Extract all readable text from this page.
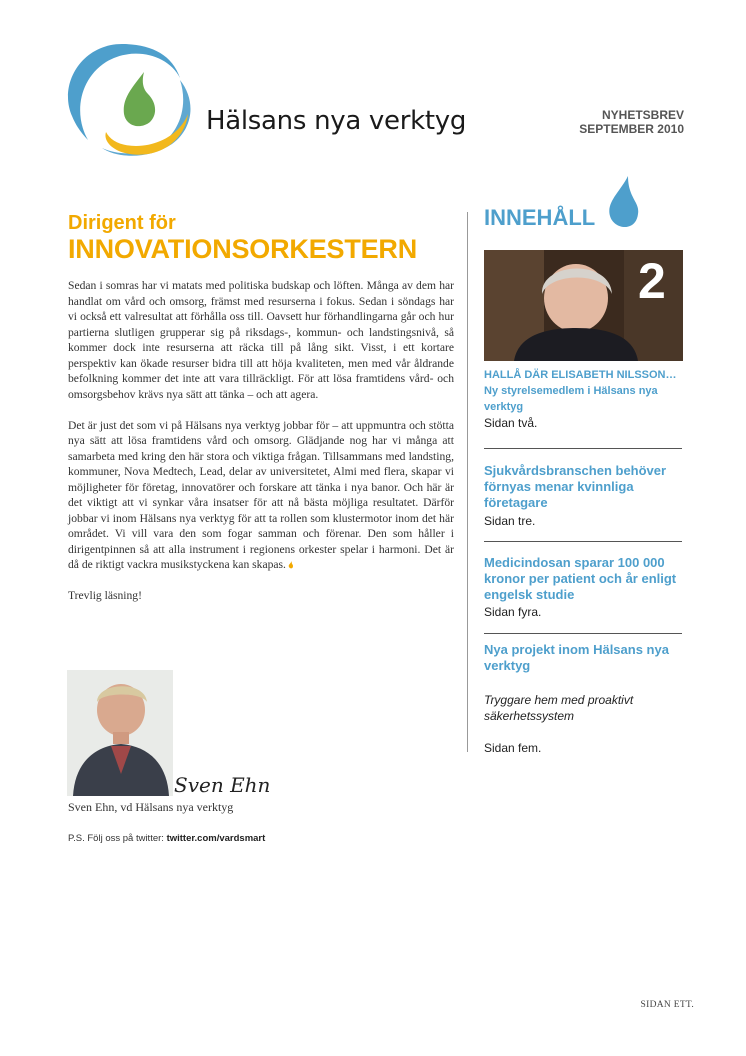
Hälsans nya verktyg	NYHETSBREV
SEPTEMBER 2010
Dirigent för
INNOVATIONSORKESTERN

Sedan i somras har vi matats med politiska budskap och löften. Många av dem har handlat om vård och omsorg, främst med resurserna i fokus. Sedan i söndags har vi också ett valresultat att förhålla oss till. Oavsett hur förhandlingarna går och hur partierna slutligen grupperar sig på riksdags-, kommun- och landstingsnivå, så kommer dock inte resurserna att räcka till på lång sikt. Visst, i ett kortare perspektiv kan ökade resurser bidra till att höja kvaliteten, men med vår åldrande befolkning kommer det inte att vara tillräckligt. För att lösa framtidens vård- och omsorgsbehov krävs nya sätt att tänka – och att agera.

Det är just det som vi på Hälsans nya verktyg jobbar för – att uppmuntra och stötta nya sätt att lösa framtidens vård och omsorg. Glädjande nog har vi många att samarbeta med kring den här stora och viktiga frågan. Tillsammans med landsting, kommuner, Nova Medtech, Lead, delar av universitetet, Almi med flera, skapar vi möjligheter för företag, innovatörer och forskare att tänka i nya banor. Och här är det viktigt att vi synkar våra insatser för att nå bästa möjliga resultatet. Därför jobbar vi inom Hälsans nya verktyg för att ta rollen som klustermotor inom det här området. Vi vill vara den som fogar samman och förenar. Den som håller i dirigentpinnen så att alla instrument i regionens orkester spelar i harmoni. Det är då de riktigt vackra musikstyckena kan skapas.

Trevlig läsning!

Sven Ehn
Sven Ehn, vd Hälsans nya verktyg
P.S. Följ oss på twitter: twitter.com/vardsmart
INNEHÅLL
2
HALLÅ DÄR ELISABETH NILSSON…
Ny styrelsemedlem i Hälsans nya verktyg
Sidan två.
Sjukvårdsbranschen behöver förnyas menar kvinnliga företagare
Sidan tre.
Medicindosan sparar 100 000 kronor per patient och år enligt engelsk studie
Sidan fyra.
Nya projekt inom Hälsans nya verktyg
Tryggare hem med proaktivt säkerhetssystem
Sidan fem.
SIDAN ETT.
